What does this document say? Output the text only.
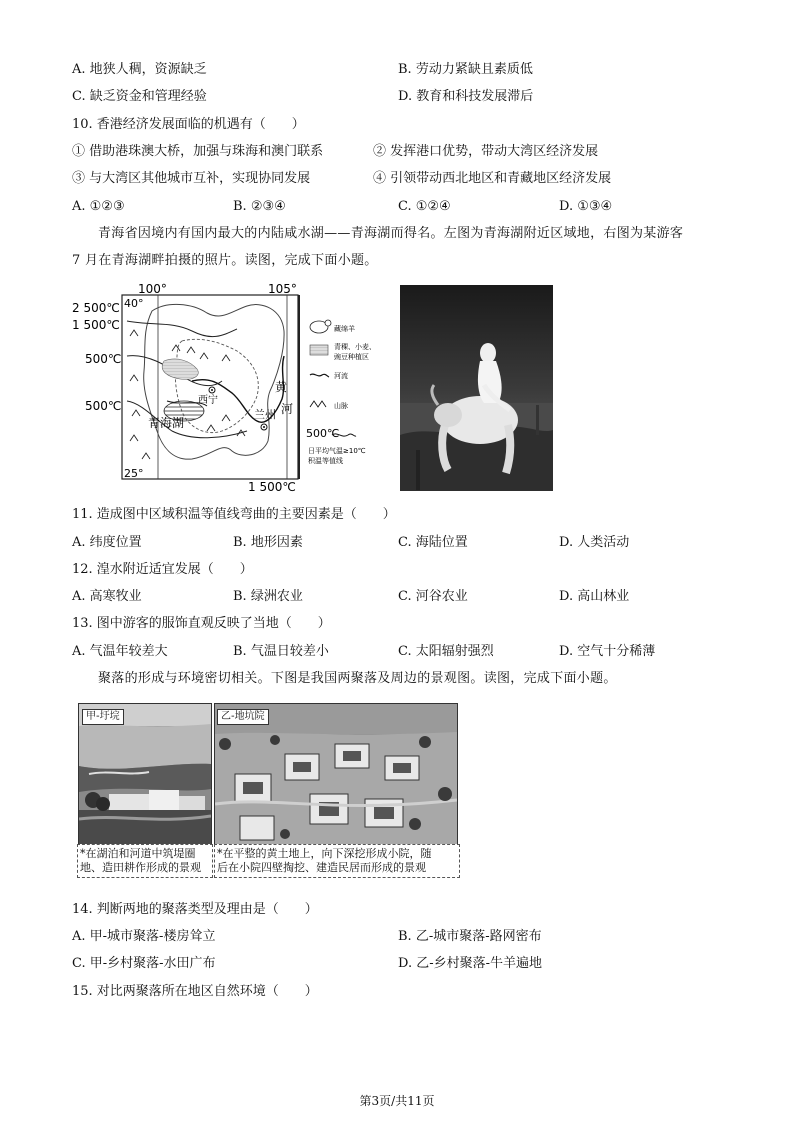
A. 地狭人稠，资源缺乏	B. 劳动力紧缺且素质低
C. 缺乏资金和管理经验	D. 教育和科技发展滞后
10. 香港经济发展面临的机遇有（　　）
① 借助港珠澳大桥，加强与珠海和澳门联系	② 发挥港口优势，带动大湾区经济发展
③ 与大湾区其他城市互补，实现协同发展	④ 引领带动西北地区和青藏地区经济发展
A. ①②③	B. ②③④	C. ①②④	D. ①③④
青海省因境内有国内最大的内陆咸水湖——青海湖而得名。左图为青海湖附近区域地，右图为某游客
7 月在青海湖畔拍摄的照片。读图，完成下面小题。
100°	105°
40°
25°
2 500℃
1 500℃
500℃
500℃
1 500℃
西宁
兰州
青海湖
黄
河
藏绵羊
青稞、小麦、
豌豆种植区
河流
山脉
500℃
日平均气温≥10℃
积温等值线
11. 造成图中区域积温等值线弯曲的主要因素是（　　）
A. 纬度位置	B. 地形因素	C. 海陆位置	D. 人类活动
12. 湟水附近适宜发展（　　）
A. 高寒牧业	B. 绿洲农业	C. 河谷农业	D. 高山林业
13. 图中游客的服饰直观反映了当地（　　）
A. 气温年较差大	B. 气温日较差小	C. 太阳辐射强烈	D. 空气十分稀薄
聚落的形成与环境密切相关。下图是我国两聚落及周边的景观图。读图，完成下面小题。
甲-圩垸	乙-地坑院
*在湖泊和河道中筑堤圈
地、造田耕作形成的景观
*在平整的黄土地上，向下深挖形成小院，随
后在小院四壁掏挖、建造民居而形成的景观
14. 判断两地的聚落类型及理由是（　　）
A. 甲-城市聚落-楼房耸立	B. 乙-城市聚落-路网密布
C. 甲-乡村聚落-水田广布	D. 乙-乡村聚落-牛羊遍地
15. 对比两聚落所在地区自然环境（　　）
第3页/共11页
